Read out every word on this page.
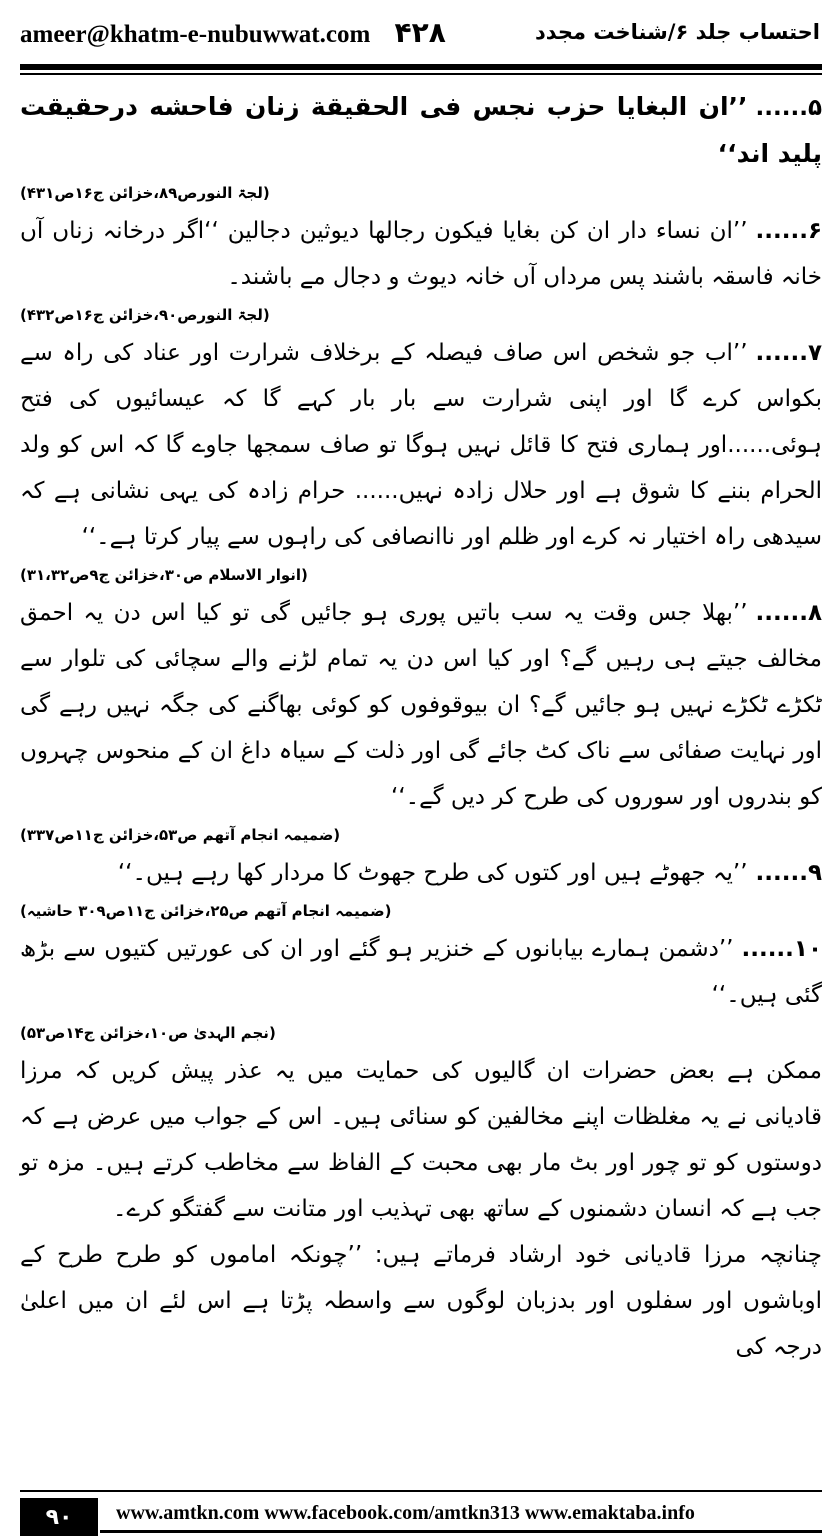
ameer@khatm-e-nubuwwat.com ۴۲۸	احتساب جلد ۶/شناخت مجدد
۵......’’ان البغایا حزب نجس فی الحقیقة زنان فاحشه درحقیقت پلید اند‘‘
(لجۃ النورص۸۹،خزائن ج۱۶ص۴۳۱)
۶......’’ان نساء دار ان کن بغایا فیکون رجالها دیوثین دجالین ‘‘اگر درخانہ زناں آں خانہ فاسقہ باشند پس مرداں آں خانہ دیوث و دجال مے باشند۔
(لجۃ النورص۹۰،خزائن ج۱۶ص۴۳۲)
۷......’’اب جو شخص اس صاف فیصلہ کے برخلاف شرارت اور عناد کی راہ سے بکواس کرے گا اور اپنی شرارت سے بار بار کہے گا کہ عیسائیوں کی فتح ہوئی......اور ہماری فتح کا قائل نہیں ہوگا تو صاف سمجھا جاوے گا کہ اس کو ولد الحرام بننے کا شوق ہے اور حلال زادہ نہیں...... حرام زادہ کی یہی نشانی ہے کہ سیدھی راہ اختیار نہ کرے اور ظلم اور ناانصافی کی راہوں سے پیار کرتا ہے۔‘‘
(انوار الاسلام ص۳۰،خزائن ج۹ص۳۱،۳۲)
۸......’’بھلا جس وقت یہ سب باتیں پوری ہو جائیں گی تو کیا اس دن یہ احمق مخالف جیتے ہی رہیں گے؟ اور کیا اس دن یہ تمام لڑنے والے سچائی کی تلوار سے ٹکڑے ٹکڑے نہیں ہو جائیں گے؟ ان بیوقوفوں کو کوئی بھاگنے کی جگہ نہیں رہے گی اور نہایت صفائی سے ناک کٹ جائے گی اور ذلت کے سیاہ داغ ان کے منحوس چہروں کو بندروں اور سوروں کی طرح کر دیں گے۔‘‘
(ضمیمہ انجام آتھم ص۵۳،خزائن ج۱۱ص۳۳۷)
۹......’’یہ جھوٹے ہیں اور کتوں کی طرح جھوٹ کا مردار کھا رہے ہیں۔‘‘
(ضمیمہ انجام آتھم ص۲۵،خزائن ج۱۱ص۳۰۹ حاشیہ)
۱۰......’’دشمن ہمارے بیابانوں کے خنزیر ہو گئے اور ان کی عورتیں کتیوں سے بڑھ گئی ہیں۔‘‘
(نجم الہدیٰ ص۱۰،خزائن ج۱۴ص۵۳)
ممکن ہے بعض حضرات ان گالیوں کی حمایت میں یہ عذر پیش کریں کہ مرزا قادیانی نے یہ مغلظات اپنے مخالفین کو سنائی ہیں۔ اس کے جواب میں عرض ہے کہ دوستوں کو تو چور اور بٹ مار بھی محبت کے الفاظ سے مخاطب کرتے ہیں۔ مزہ تو جب ہے کہ انسان دشمنوں کے ساتھ بھی تہذیب اور متانت سے گفتگو کرے۔
چنانچہ مرزا قادیانی خود ارشاد فرماتے ہیں: ’’چونکہ اماموں کو طرح طرح کے اوباشوں اور سفلوں اور بدزبان لوگوں سے واسطہ پڑتا ہے اس لئے ان میں اعلیٰ درجہ کی
۹۰	www.amtkn.com www.facebook.com/amtkn313 www.emaktaba.info
